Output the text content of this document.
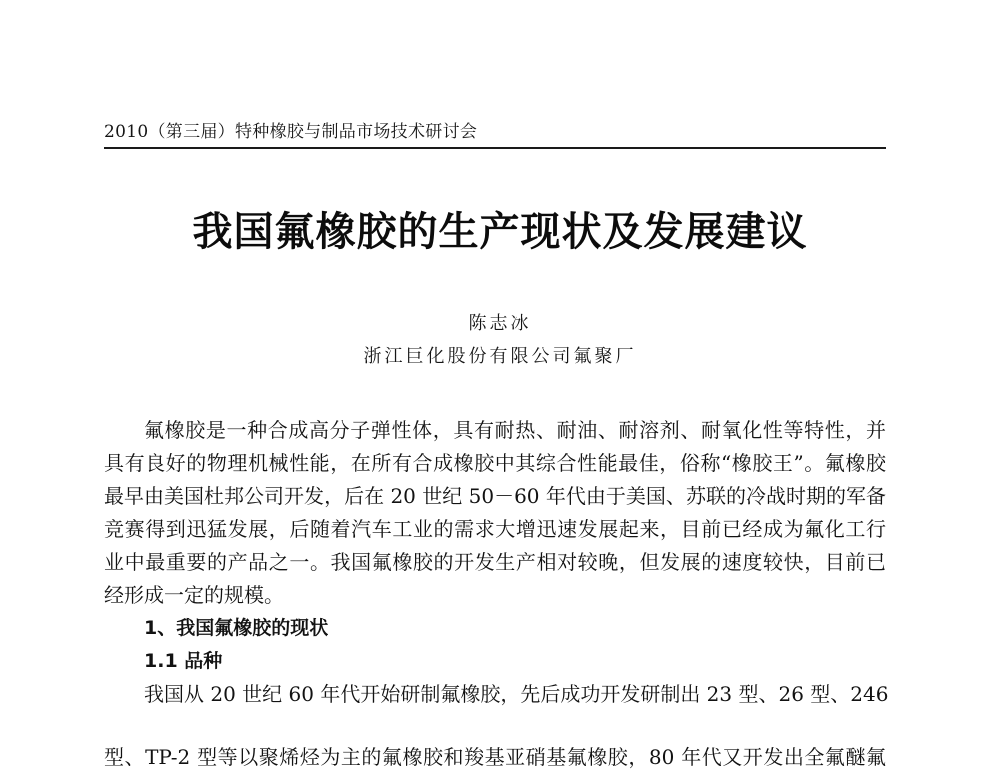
2010（第三届）特种橡胶与制品市场技术研讨会
我国氟橡胶的生产现状及发展建议
陈志冰
浙江巨化股份有限公司氟聚厂
氟橡胶是一种合成高分子弹性体，具有耐热、耐油、耐溶剂、耐氧化性等特性，并
具有良好的物理机械性能，在所有合成橡胶中其综合性能最佳，俗称“橡胶王”。氟橡胶
最早由美国杜邦公司开发，后在 20 世纪 50－60 年代由于美国、苏联的冷战时期的军备
竞赛得到迅猛发展，后随着汽车工业的需求大增迅速发展起来，目前已经成为氟化工行
业中最重要的产品之一。我国氟橡胶的开发生产相对较晚，但发展的速度较快，目前已
经形成一定的规模。
1、我国氟橡胶的现状
1.1 品种
我国从 20 世纪 60 年代开始研制氟橡胶，先后成功开发研制出 23 型、26 型、246
型、TP-2 型等以聚烯烃为主的氟橡胶和羧基亚硝基氟橡胶，80 年代又开发出全氟醚氟
